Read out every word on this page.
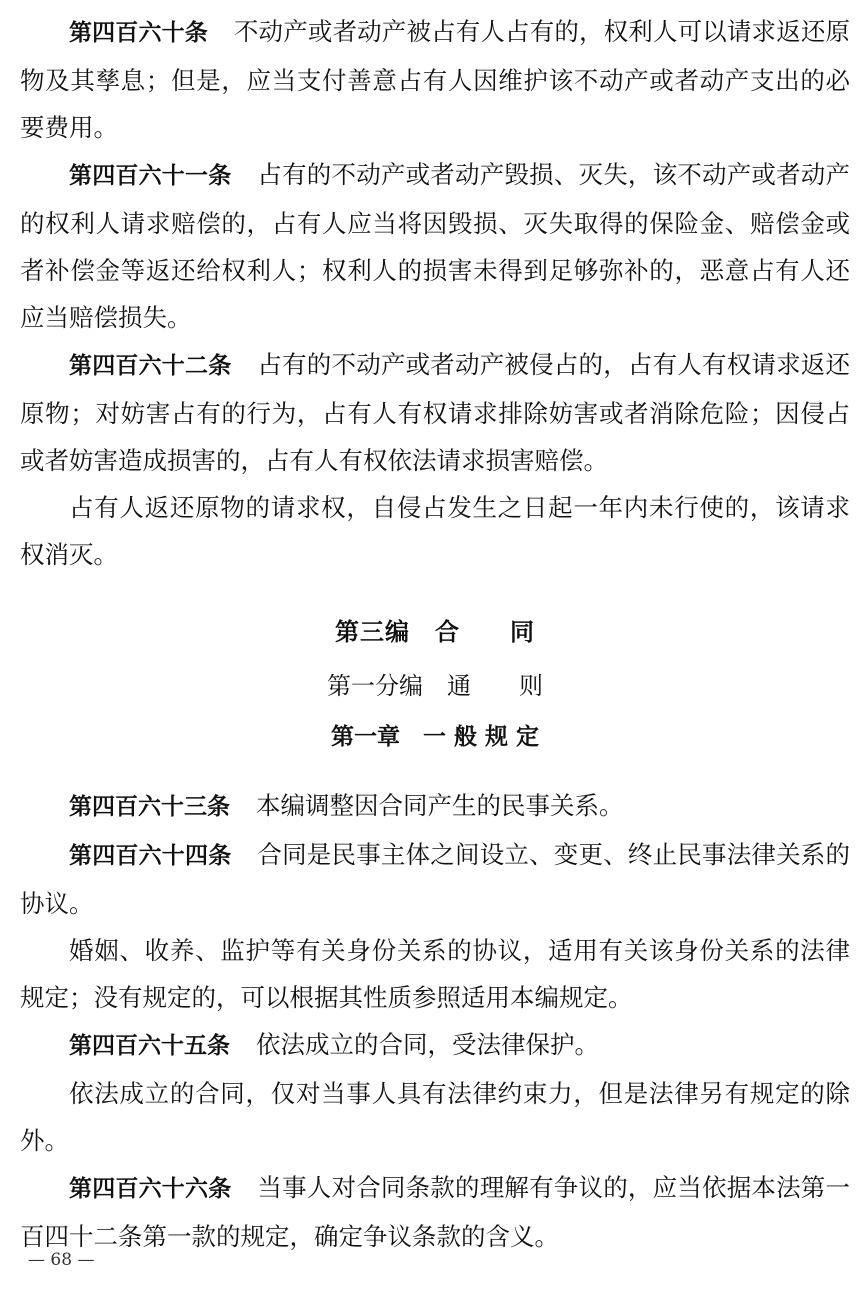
第四百六十条 不动产或者动产被占有人占有的，权利人可以请求返还原物及其孳息；但是，应当支付善意占有人因维护该不动产或者动产支出的必要费用。

第四百六十一条 占有的不动产或者动产毁损、灭失，该不动产或者动产的权利人请求赔偿的，占有人应当将因毁损、灭失取得的保险金、赔偿金或者补偿金等返还给权利人；权利人的损害未得到足够弥补的，恶意占有人还应当赔偿损失。

第四百六十二条 占有的不动产或者动产被侵占的，占有人有权请求返还原物；对妨害占有的行为，占有人有权请求排除妨害或者消除危险；因侵占或者妨害造成损害的，占有人有权依法请求损害赔偿。

占有人返还原物的请求权，自侵占发生之日起一年内未行使的，该请求权消灭。

第三编　合　　同
第一分编　通　　则
第一章　一 般 规 定

第四百六十三条 本编调整因合同产生的民事关系。

第四百六十四条 合同是民事主体之间设立、变更、终止民事法律关系的协议。

婚姻、收养、监护等有关身份关系的协议，适用有关该身份关系的法律规定；没有规定的，可以根据其性质参照适用本编规定。

第四百六十五条 依法成立的合同，受法律保护。

依法成立的合同，仅对当事人具有法律约束力，但是法律另有规定的除外。

第四百六十六条 当事人对合同条款的理解有争议的，应当依据本法第一百四十二条第一款的规定，确定争议条款的含义。

— 68 —
